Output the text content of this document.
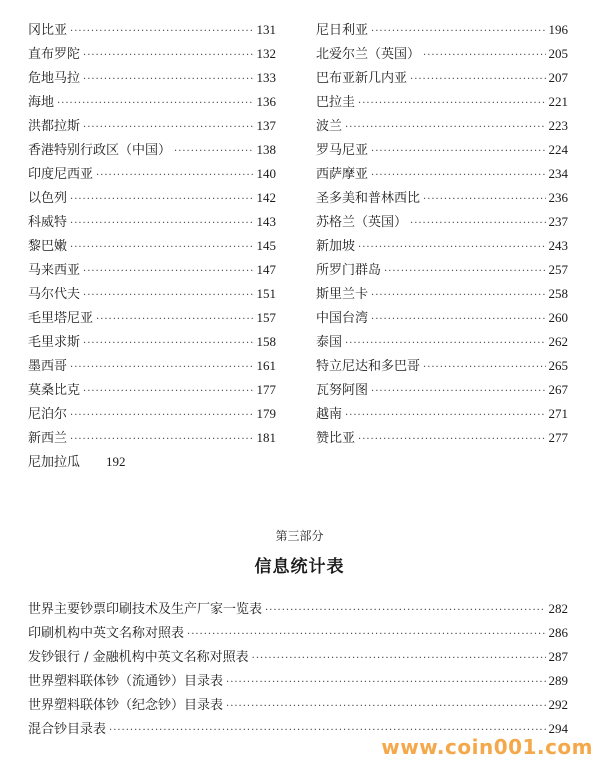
冈比亚 ·····	131
直布罗陀 ·····	132
危地马拉 ·····	133
海地 ·····	136
洪都拉斯 ·····	137
香港特别行政区（中国） ·····	138
印度尼西亚 ·····	140
以色列 ·····	142
科威特 ·····	143
黎巴嫩 ·····	145
马来西亚 ·····	147
马尔代夫 ·····	151
毛里塔尼亚 ·····	157
毛里求斯 ·····	158
墨西哥 ·····	161
莫桑比克 ·····	177
尼泊尔 ·····	179
新西兰 ·····	181
尼加拉瓜 192
尼日利亚 ·····	196
北爱尔兰（英国） ·····	205
巴布亚新几内亚 ·····	207
巴拉圭 ·····	221
波兰 ·····	223
罗马尼亚 ·····	224
西萨摩亚 ·····	234
圣多美和普林西比 ·····	236
苏格兰（英国） ·····	237
新加坡 ·····	243
所罗门群岛 ·····	257
斯里兰卡 ·····	258
中国台湾 ·····	260
泰国 ·····	262
特立尼达和多巴哥 ·····	265
瓦努阿图 ·····	267
越南 ·····	271
赞比亚 ·····	277
第三部分
信息统计表
世界主要钞票印刷技术及生产厂家一览表 ·····	282
印刷机构中英文名称对照表 ·····	286
发钞银行 / 金融机构中英文名称对照表 ·····	287
世界塑料联体钞（流通钞）目录表 ·····	289
世界塑料联体钞（纪念钞）目录表 ·····	292
混合钞目录表 ·····	294
www.coin001.com
